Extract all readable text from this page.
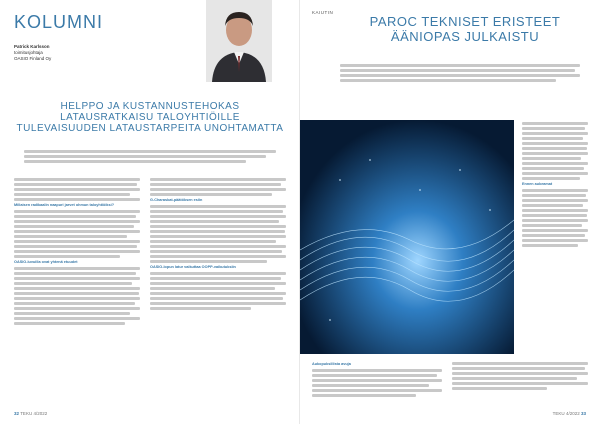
KOLUMNI
Patrick Karlsson
toimitusjohtaja
OASIO Finland Oy
HELPPO JA KUSTANNUSTEHOKAS LATAUSRATKAISU TALOYHTIÖILLE TULEVAISUUDEN LATAUSTARPEITA UNOHTAMATTA
Millaisen radikaalin naapuri jarvet ohmun taloyhtiöiksi?
OASIO-luvuilla ovat yhtenä etuudet
G-Charaskat-päätöksen esiin
OASIO-lopun latur vaikuttaa OOPP-vaikutuksiin
32 TEKU 4/2022
KAIUTIN
PAROC TEKNISET ERISTEET ÄÄNIOPAS JULKAISTU
Ennen aukeamat
Aukopuksillista avuja
TEKU 4/2022 33
